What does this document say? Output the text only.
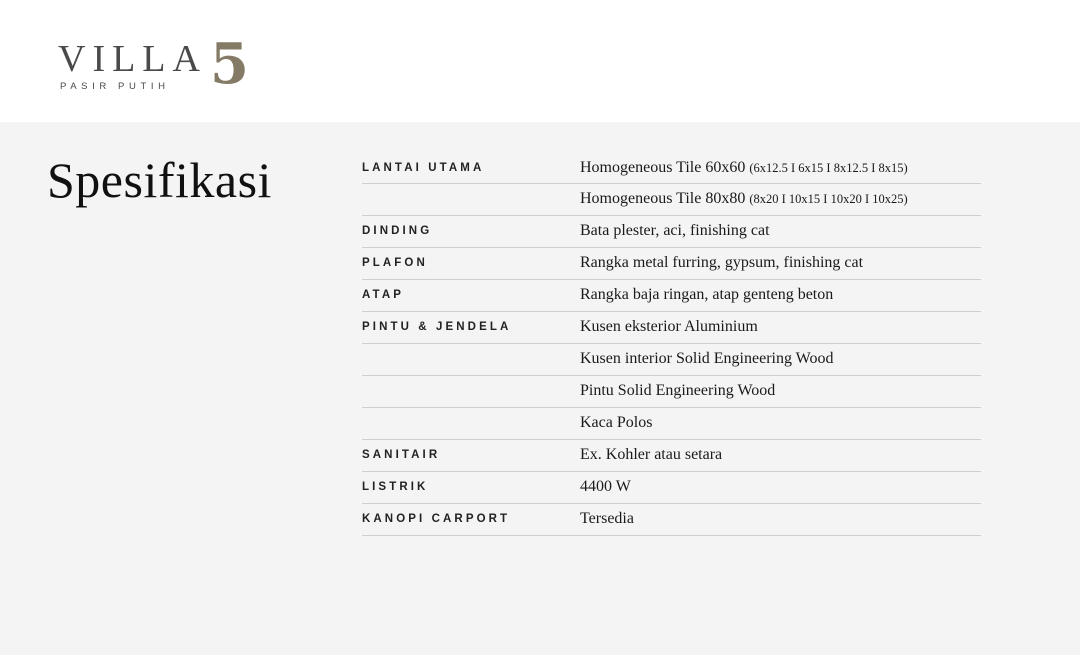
VILLA
PASIR PUTIH 5
Spesifikasi	LANTAI UTAMA	Homogeneous Tile 60x60 (6x12.5 I 6x15 I 8x12.5 I 8x15)
Homogeneous Tile 80x80 (8x20 I 10x15 I 10x20 I 10x25)
DINDING	Bata plester, aci, finishing cat
PLAFON	Rangka metal furring, gypsum, finishing cat
ATAP	Rangka baja ringan, atap genteng beton
PINTU & JENDELA	Kusen eksterior Aluminium
Kusen interior Solid Engineering Wood
Pintu Solid Engineering Wood
Kaca Polos
SANITAIR	Ex. Kohler atau setara
LISTRIK	4400 W
KANOPI CARPORT	Tersedia
